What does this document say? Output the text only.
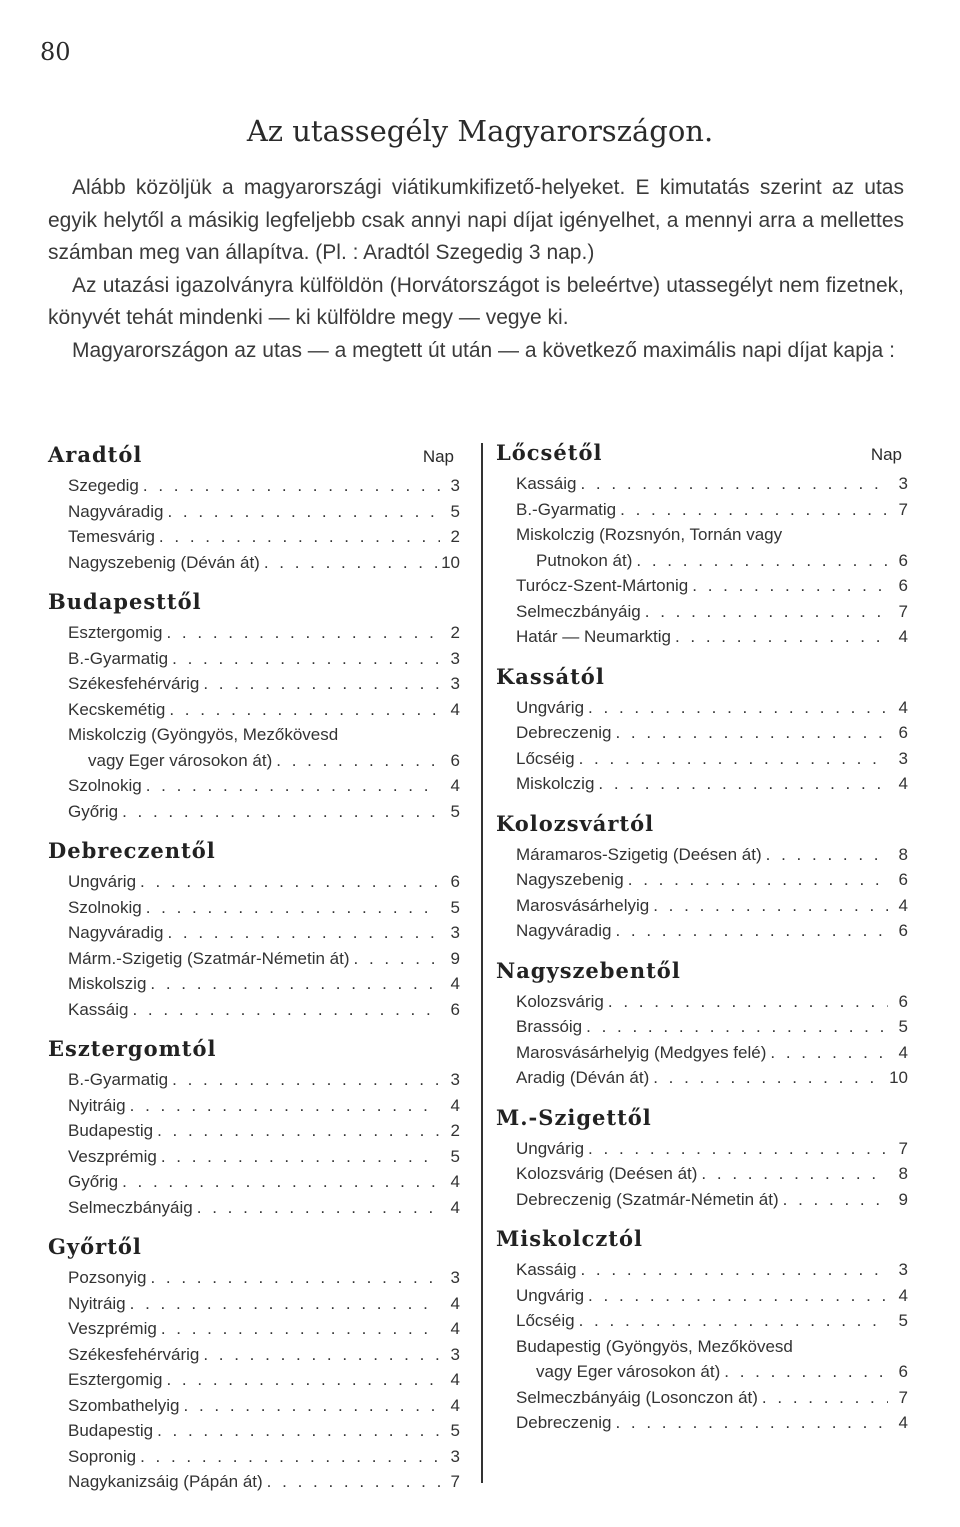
80
Az utassegély Magyarországon.

Alább közöljük a magyarországi viátikumkifizető-helyeket. E kimutatás szerint az utas egyik helytől a másikig legfeljebb csak annyi napi díjat igényelhet, a mennyi arra a mellettes számban meg van állapítva. (Pl. : Aradtól Szegedig 3 nap.)

Az utazási igazolványra külföldön (Horvátországot is beleértve) utassegélyt nem fizetnek, könyvét tehát mindenki — ki külföldre megy — vegye ki.

Magyarországon az utas — a megtett út után — a következő maximális napi díjat kapja :

Aradtól	Nap
Szegedig . . .	3
Nagyváradig . . .	5
Temesvárig . . .	2
Nagyszebenig (Déván át) . . .	10
Budapesttől
Esztergomig . . .	2
B.-Gyarmatig . . .	3
Székesfehérvárig . . .	3
Kecskemétig . . .	4
Miskolczig (Gyöngyös, Mezőkövesd
vagy Eger városokon át) . . .	6
Szolnokig . . .	4
Győrig . . .	5
Debreczentől
Ungvárig . . .	6
Szolnokig . . .	5
Nagyváradig . . .	3
Márm.-Szigetig (Szatmár-Németin át) . . .	9
Miskolszig . . .	4
Kassáig . . .	6
Esztergomtól
B.-Gyarmatig . . .	3
Nyitráig . . .	4
Budapestig . . .	2
Veszprémig . . .	5
Győrig . . .	4
Selmeczbányáig . . .	4
Győrtől
Pozsonyig . . .	3
Nyitráig . . .	4
Veszprémig . . .	4
Székesfehérvárig . . .	3
Esztergomig . . .	4
Szombathelyig . . .	4
Budapestig . . .	5
Sopronig . . .	3
Nagykanizsáig (Pápán át) . . .	7
Lőcsétől	Nap
Kassáig . . .	3
B.-Gyarmatig . . .	7
Miskolczig (Rozsnyón, Tornán vagy
Putnokon át) . . .	6
Turócz-Szent-Mártonig . . .	6
Selmeczbányáig . . .	7
Határ — Neumarktig . . .	4
Kassától
Ungvárig . . .	4
Debreczenig . . .	6
Lőcséig . . .	3
Miskolczig . . .	4
Kolozsvártól
Máramaros-Szigetig (Deésen át) . . .	8
Nagyszebenig . . .	6
Marosvásárhelyig . . .	4
Nagyváradig . . .	6
Nagyszebentől
Kolozsvárig . . .	6
Brassóig . . .	5
Marosvásárhelyig (Medgyes felé) . . .	4
Aradig (Déván át) . . .	10
M.-Szigettől
Ungvárig . . .	7
Kolozsvárig (Deésen át) . . .	8
Debreczenig (Szatmár-Németin át) . . .	9
Miskolcztól
Kassáig . . .	3
Ungvárig . . .	4
Lőcséig . . .	5
Budapestig (Gyöngyös, Mezőkövesd
vagy Eger városokon át) . . .	6
Selmeczbányáig (Losonczon át) . . .	7
Debreczenig . . .	4
